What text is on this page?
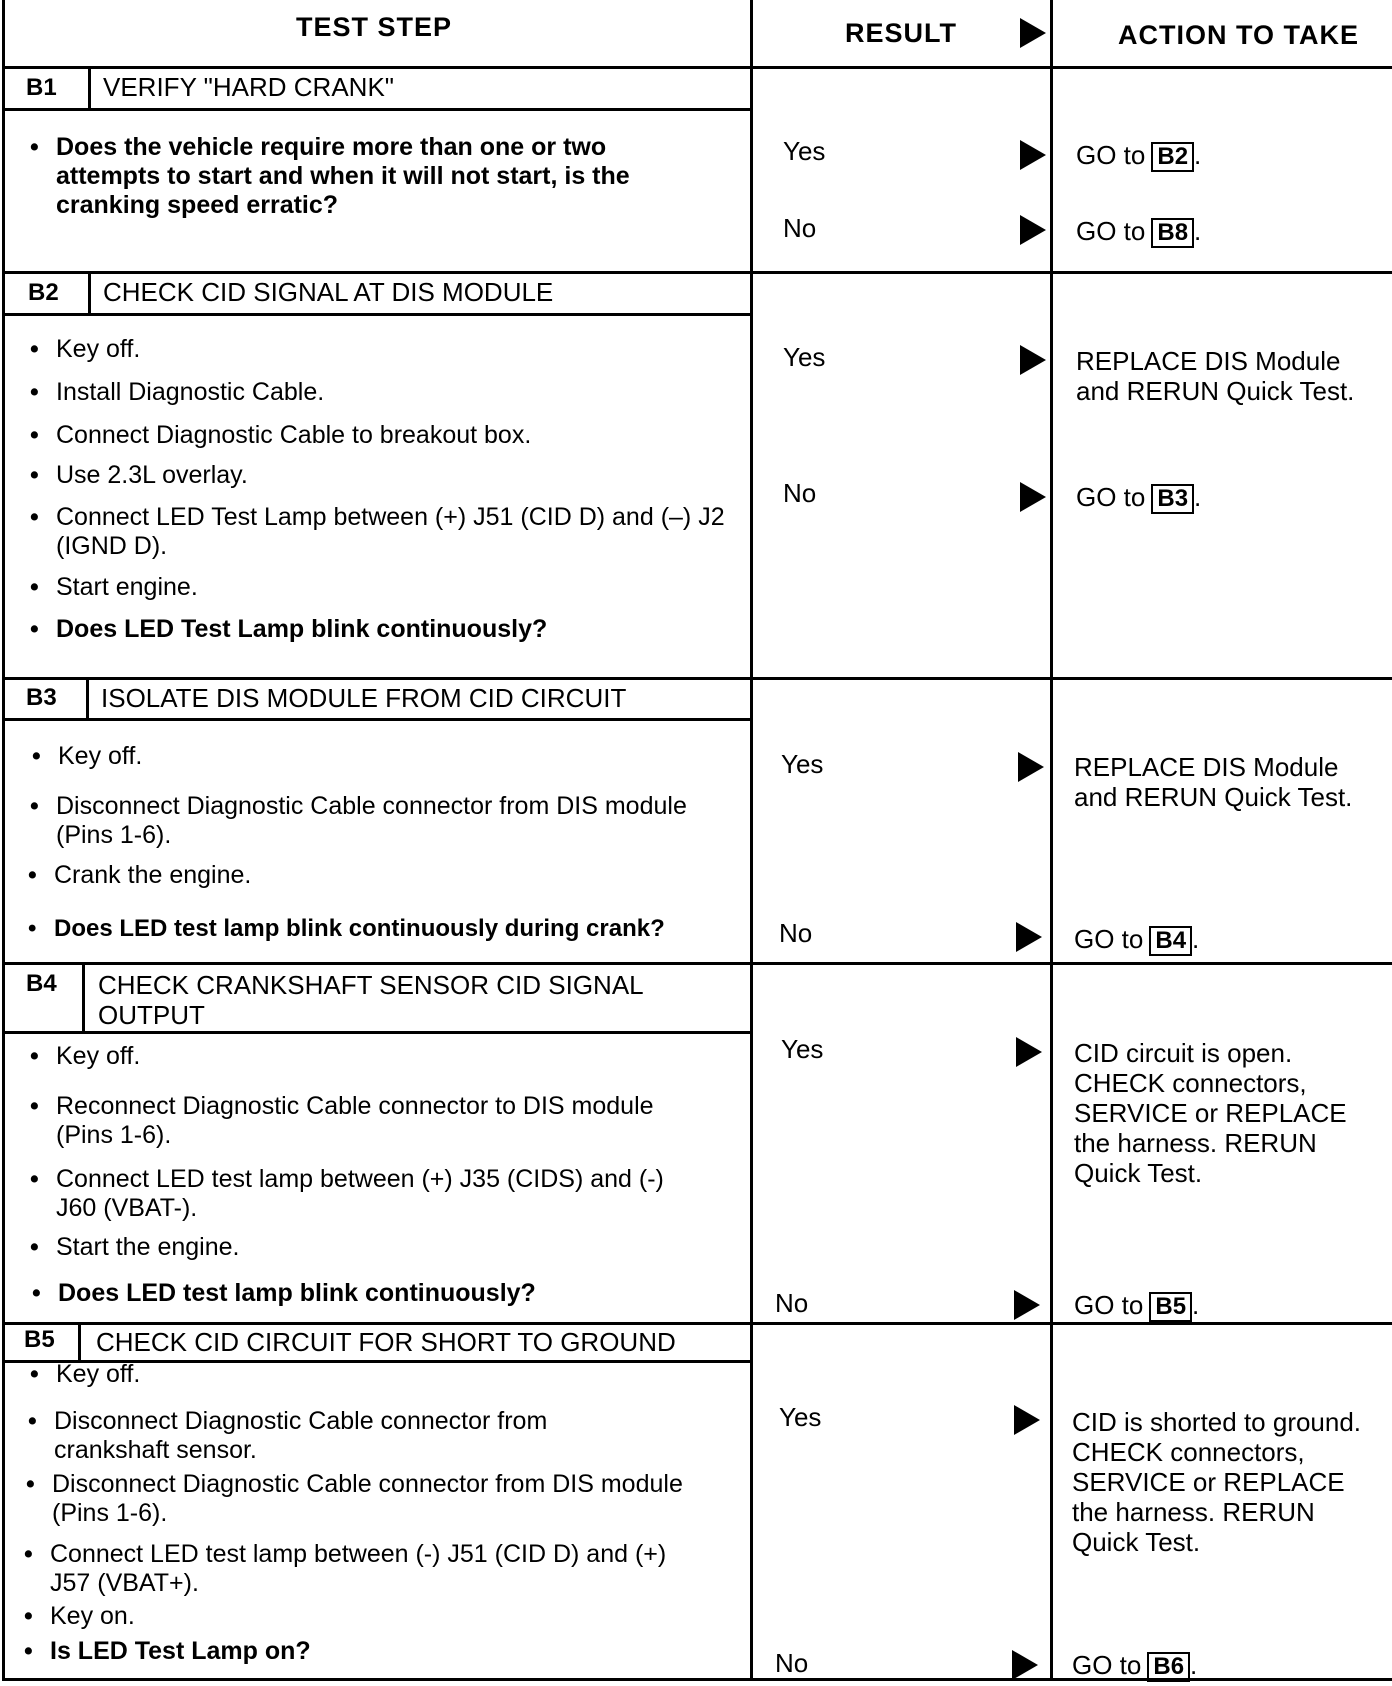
TEST STEP	RESULT	ACTION TO TAKE
B1 VERIFY "HARD CRANK"
• Does the vehicle require more than one or two attempts to start and when it will not start, is the cranking speed erratic?
Yes	GO to B2 .
No	GO to B8 .
B2 CHECK CID SIGNAL AT DIS MODULE
• Key off.
• Install Diagnostic Cable.
• Connect Diagnostic Cable to breakout box.
• Use 2.3L overlay.
• Connect LED Test Lamp between (+) J51 (CID D) and (–) J2 (IGND D).
• Start engine.
• Does LED Test Lamp blink continuously?
Yes	REPLACE DIS Module and RERUN Quick Test.
No	GO to B3 .
B3 ISOLATE DIS MODULE FROM CID CIRCUIT
• Key off.
• Disconnect Diagnostic Cable connector from DIS module (Pins 1-6).
• Crank the engine.
• Does LED test lamp blink continuously during crank?
Yes	REPLACE DIS Module and RERUN Quick Test.
No	GO to B4 .
B4 CHECK CRANKSHAFT SENSOR CID SIGNAL OUTPUT
• Key off.
• Reconnect Diagnostic Cable connector to DIS module (Pins 1-6).
• Connect LED test lamp between (+) J35 (CIDS) and (-) J60 (VBAT-).
• Start the engine.
• Does LED test lamp blink continuously?
Yes	CID circuit is open. CHECK connectors, SERVICE or REPLACE the harness. RERUN Quick Test.
No	GO to B5 .
B5 CHECK CID CIRCUIT FOR SHORT TO GROUND
• Key off.
• Disconnect Diagnostic Cable connector from crankshaft sensor.
• Disconnect Diagnostic Cable connector from DIS module (Pins 1-6).
• Connect LED test lamp between (-) J51 (CID D) and (+) J57 (VBAT+).
• Key on.
• Is LED Test Lamp on?
Yes	CID is shorted to ground. CHECK connectors, SERVICE or REPLACE the harness. RERUN Quick Test.
No	GO to B6 .
